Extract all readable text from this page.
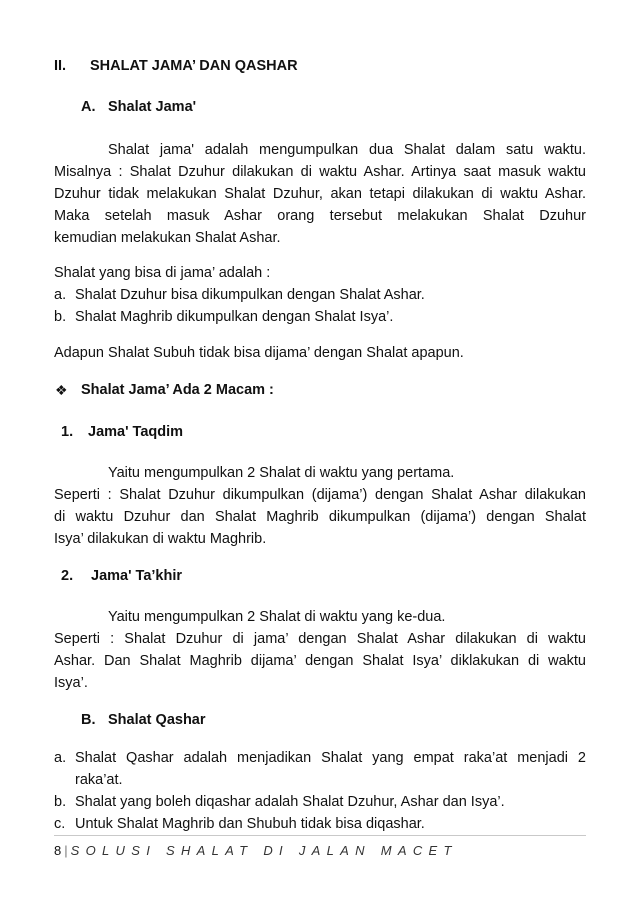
II. SHALAT JAMA’ DAN QASHAR
A. Shalat Jama'
Shalat jama' adalah mengumpulkan dua Shalat dalam satu waktu.
Misalnya : Shalat Dzuhur dilakukan di waktu Ashar. Artinya saat masuk waktu
Dzuhur tidak melakukan Shalat Dzuhur, akan tetapi dilakukan di waktu Ashar.
Maka setelah masuk Ashar orang tersebut melakukan Shalat Dzuhur
kemudian melakukan Shalat Ashar.
Shalat yang bisa di jama’ adalah :
a. Shalat Dzuhur bisa dikumpulkan dengan Shalat Ashar.
b. Shalat Maghrib dikumpulkan dengan Shalat Isya’.
Adapun Shalat Subuh tidak bisa dijama’ dengan Shalat apapun.
❖ Shalat Jama’ Ada 2 Macam :
1. Jama' Taqdim
Yaitu mengumpulkan 2 Shalat di waktu yang pertama.
Seperti : Shalat Dzuhur dikumpulkan (dijama’) dengan Shalat Ashar dilakukan
di waktu Dzuhur dan Shalat Maghrib dikumpulkan (dijama’) dengan Shalat
Isya’ dilakukan di waktu Maghrib.
2. Jama' Ta’khir
Yaitu mengumpulkan 2 Shalat di waktu yang ke-dua.
Seperti : Shalat Dzuhur di jama’ dengan Shalat Ashar dilakukan di waktu
Ashar. Dan Shalat Maghrib dijama’ dengan Shalat Isya’ diklakukan di waktu
Isya’.
B. Shalat Qashar
a. Shalat Qashar adalah menjadikan Shalat yang empat raka’at menjadi 2
raka’at.
b. Shalat yang boleh diqashar adalah Shalat Dzuhur, Ashar dan Isya’.
c. Untuk Shalat Maghrib dan Shubuh tidak bisa diqashar.
8 | SOLUSI SHALAT DI JALAN MACET
